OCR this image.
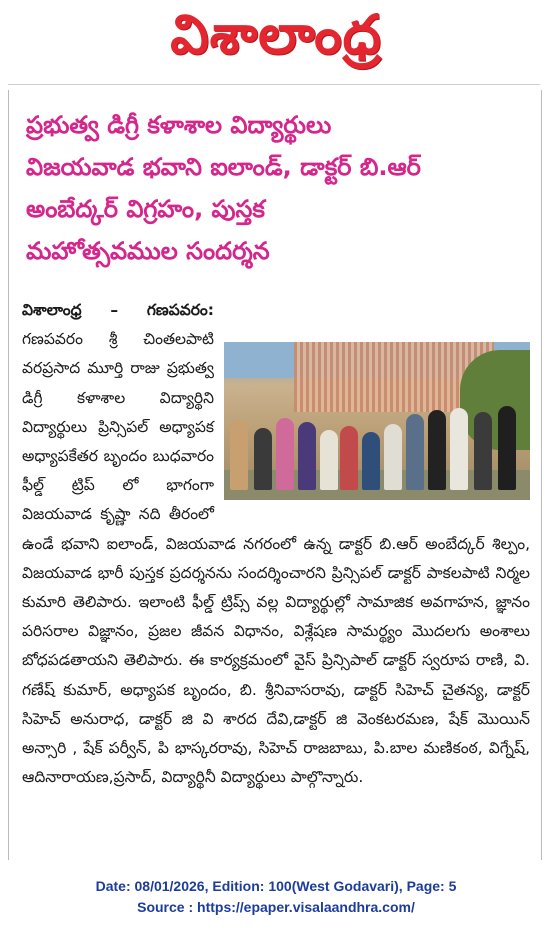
విశాలాంధ్ర
ప్రభుత్వ డిగ్రీ కళాశాల విద్యార్థులు
విజయవాడ భవాని ఐలాండ్, డాక్టర్ బి.ఆర్
అంబేద్కర్ విగ్రహం, పుస్తక
మహోత్సవముల సందర్శన
విశాలాంధ్ర – గణపవరం: గణపవరం శ్రీ చింతలపాటి వరప్రసాద మూర్తి రాజు ప్రభుత్వ డిగ్రీ కళాశాల విద్యార్థిని విద్యార్థులు ప్రిన్సిపల్ అధ్యాపక అధ్యాపకేతర బృందం బుధవారం ఫీల్డ్ ట్రిప్ లో భాగంగా విజయవాడ కృష్ణా నది తీరంలో ఉండే భవాని ఐలాండ్, విజయవాడ నగరంలో ఉన్న డాక్టర్ బి.ఆర్ అంబేద్కర్ శిల్పం, విజయవాడ భారీ పుస్తక ప్రదర్శనను సందర్శించారని ప్రిన్సిపల్ డాక్టర్ పాకలపాటి నిర్మల కుమారి తెలిపారు. ఇలాంటి ఫీల్డ్ ట్రిప్స్ వల్ల విద్యార్థుల్లో సామాజిక అవగాహన, జ్ఞానం పరిసరాల విజ్ఞానం, ప్రజల జీవన విధానం, విశ్లేషణ సామర్థ్యం మొదలగు అంశాలు బోధపడతాయని తెలిపారు. ఈ కార్యక్రమంలో వైస్ ప్రిన్సిపాల్ డాక్టర్ స్వరూప రాణి, వి. గణేష్ కుమార్, అధ్యాపక బృందం, బి. శ్రీనివాసరావు, డాక్టర్ సిహెచ్ చైతన్య, డాక్టర్ సిహెచ్ అనురాధ, డాక్టర్ జి వి శారద దేవి,డాక్టర్ జి వెంకటరమణ, షేక్ మొయిన్ అన్సారి , షేక్ పర్వీన్, పి భాస్కరరావు, సిహెచ్ రాజబాబు, పి.బాల మణికంఠ, విగ్నేష్, ఆదినారాయణ,ప్రసాద్, విద్యార్థినీ విద్యార్థులు పాల్గొన్నారు.
Date: 08/01/2026, Edition: 100(West Godavari), Page: 5
Source : https://epaper.visalaandhra.com/
